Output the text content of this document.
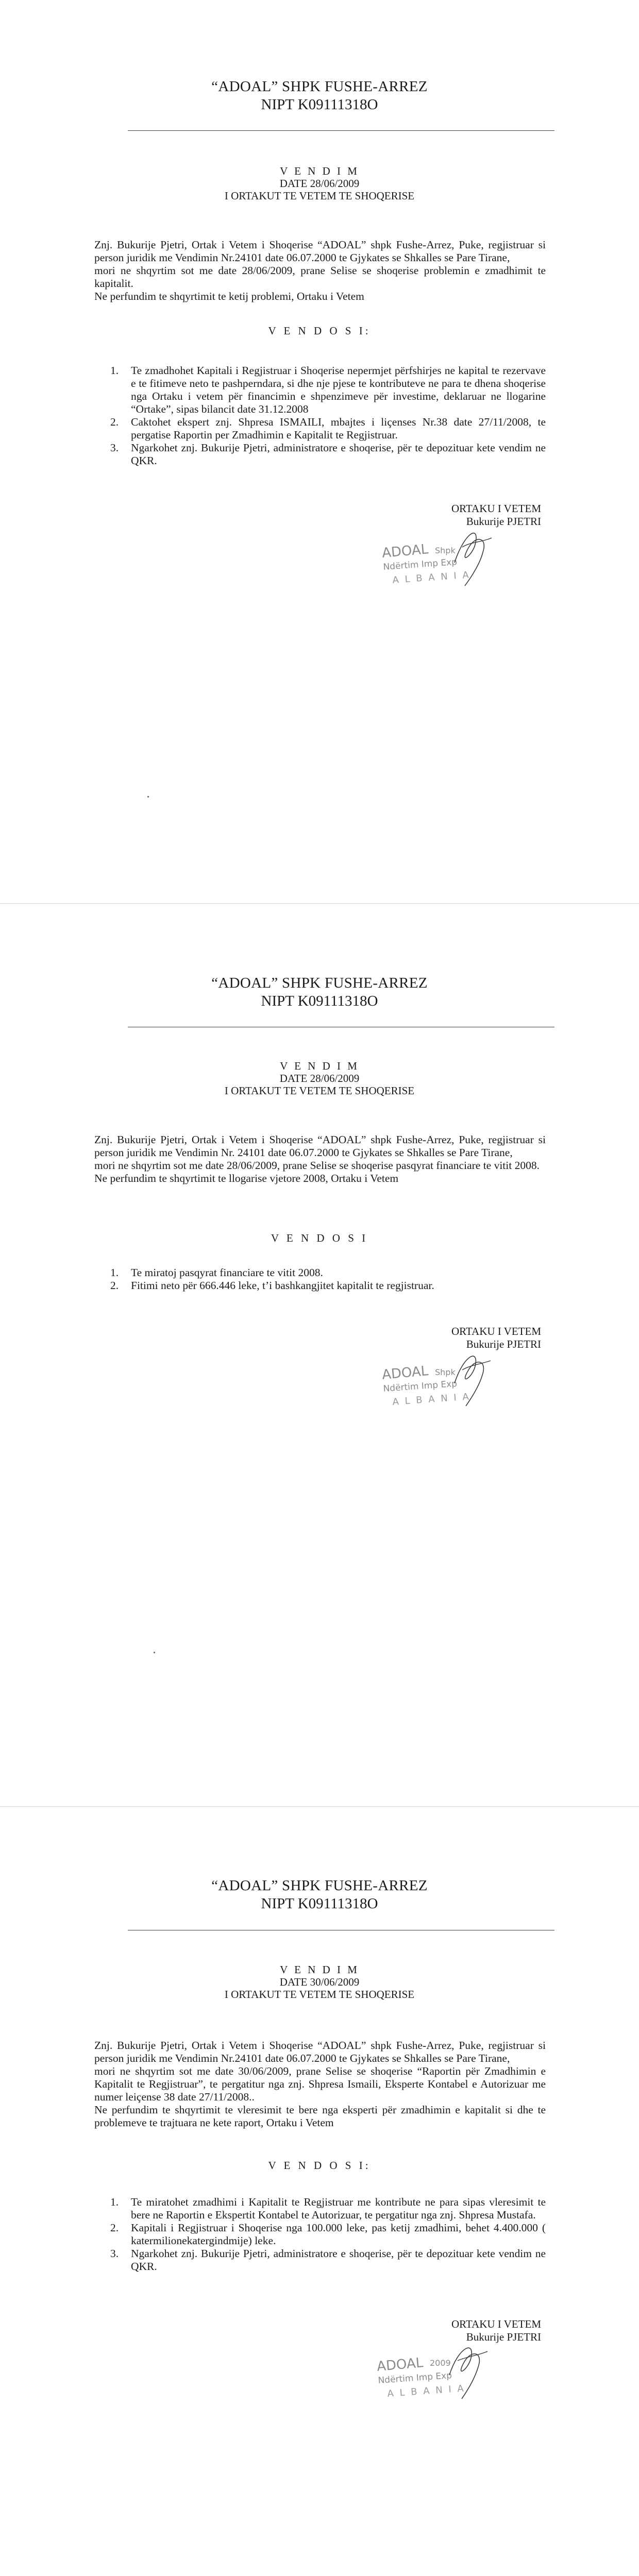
“ADOAL” SHPK FUSHE-ARREZ
NIPT K09111318O
V E N D I M
DATE 28/06/2009
I ORTAKUT TE VETEM TE SHOQERISE

Znj. Bukurije Pjetri, Ortak i Vetem i Shoqerise “ADOAL” shpk Fushe-Arrez, Puke, regjistruar si person juridik me Vendimin Nr.24101 date 06.07.2000 te Gjykates se Shkalles se Pare Tirane,

mori ne shqyrtim sot me date 28/06/2009, prane Selise se shoqerise problemin e zmadhimit te kapitalit.

Ne perfundim te shqyrtimit te ketij problemi, Ortaku i Vetem

V E N D O S I:
1. Te zmadhohet Kapitali i Regjistruar i Shoqerise nepermjet përfshirjes ne kapital te rezervave e te fitimeve neto te pashperndara, si dhe nje pjese te kontributeve ne para te dhena shoqerise nga Ortaku i vetem për financimin e shpenzimeve për investime, deklaruar ne llogarine “Ortake”, sipas bilancit date 31.12.2008
2. Caktohet ekspert znj. Shpresa ISMAILI, mbajtes i liçenses Nr.38 date 27/11/2008, te pergatise Raportin per Zmadhimin e Kapitalit te Regjistruar.
3. Ngarkohet znj. Bukurije Pjetri, administratore e shoqerise, për te depozituar kete vendim ne QKR.
ORTAKU I VETEM
Bukurije PJETRI
ADOAL Shpk
Ndërtim Imp Exp
A L B A N I A
“ADOAL” SHPK FUSHE-ARREZ
NIPT K09111318O
V E N D I M
DATE 28/06/2009
I ORTAKUT TE VETEM TE SHOQERISE

Znj. Bukurije Pjetri, Ortak i Vetem i Shoqerise “ADOAL” shpk Fushe-Arrez, Puke, regjistruar si person juridik me Vendimin Nr. 24101 date 06.07.2000 te Gjykates se Shkalles se Pare Tirane,

mori ne shqyrtim sot me date 28/06/2009, prane Selise se shoqerise pasqyrat financiare te vitit 2008.

Ne perfundim te shqyrtimit te llogarise vjetore 2008, Ortaku i Vetem

V E N D O S I
1. Te miratoj pasqyrat financiare te vitit 2008.
2. Fitimi neto për 666.446 leke, t’i bashkangjitet kapitalit te regjistruar.
ORTAKU I VETEM
Bukurije PJETRI
ADOAL Shpk
Ndërtim Imp Exp
A L B A N I A
“ADOAL” SHPK FUSHE-ARREZ
NIPT K09111318O
V E N D I M
DATE 30/06/2009
I ORTAKUT TE VETEM TE SHOQERISE

Znj. Bukurije Pjetri, Ortak i Vetem i Shoqerise “ADOAL” shpk Fushe-Arrez, Puke, regjistruar si person juridik me Vendimin Nr.24101 date 06.07.2000 te Gjykates se Shkalles se Pare Tirane,

mori ne shqyrtim sot me date 30/06/2009, prane Selise se shoqerise “Raportin për Zmadhimin e Kapitalit te Regjistruar”, te pergatitur nga znj. Shpresa Ismaili, Eksperte Kontabel e Autorizuar me numer leiçense 38 date 27/11/2008..

Ne perfundim te shqyrtimit te vleresimit te bere nga eksperti për zmadhimin e kapitalit si dhe te problemeve te trajtuara ne kete raport, Ortaku i Vetem

V E N D O S I:
1. Te miratohet zmadhimi i Kapitalit te Regjistruar me kontribute ne para sipas vleresimit te bere ne Raportin e Ekspertit Kontabel te Autorizuar, te pergatitur nga znj. Shpresa Mustafa.
2. Kapitali i Regjistruar i Shoqerise nga 100.000 leke, pas ketij zmadhimi, behet 4.400.000 ( katermilionekatergindmije) leke.
3. Ngarkohet znj. Bukurije Pjetri, administratore e shoqerise, për te depozituar kete vendim ne QKR.
ORTAKU I VETEM
Bukurije PJETRI
ADOAL 2009
Ndërtim Imp Exp
A L B A N I A
